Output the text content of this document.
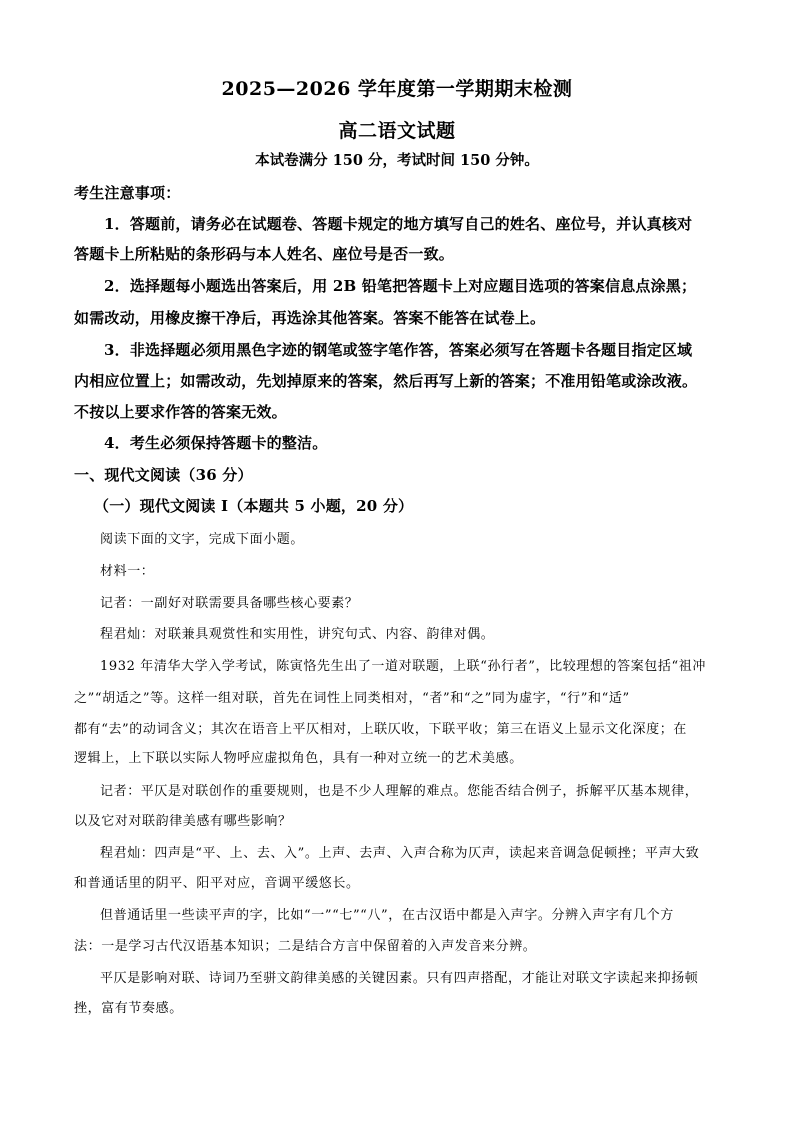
2025—2026 学年度第一学期期末检测
高二语文试题
本试卷满分 150 分，考试时间 150 分钟。
考生注意事项：
1．答题前，请务必在试题卷、答题卡规定的地方填写自己的姓名、座位号，并认真核对
答题卡上所粘贴的条形码与本人姓名、座位号是否一致。
2．选择题每小题选出答案后，用 2B 铅笔把答题卡上对应题目选项的答案信息点涂黑；
如需改动，用橡皮擦干净后，再选涂其他答案。答案不能答在试卷上。
3．非选择题必须用黑色字迹的钢笔或签字笔作答，答案必须写在答题卡各题目指定区域
内相应位置上；如需改动，先划掉原来的答案，然后再写上新的答案；不准用铅笔或涂改液。
不按以上要求作答的答案无效。
4．考生必须保持答题卡的整洁。
一、现代文阅读（36 分）
（一）现代文阅读 I（本题共 5 小题，20 分）
阅读下面的文字，完成下面小题。
材料一：
记者：一副好对联需要具备哪些核心要素？
程君灿：对联兼具观赏性和实用性，讲究句式、内容、韵律对偶。
1932 年清华大学入学考试，陈寅恪先生出了一道对联题，上联“孙行者”，比较理想的答案包括“祖冲
之”“胡适之”等。这样一组对联，首先在词性上同类相对，“者”和“之”同为虚字，“行”和“适”
都有“去”的动词含义；其次在语音上平仄相对，上联仄收，下联平收；第三在语义上显示文化深度；在
逻辑上，上下联以实际人物呼应虚拟角色，具有一种对立统一的艺术美感。
记者：平仄是对联创作的重要规则，也是不少人理解的难点。您能否结合例子，拆解平仄基本规律，
以及它对对联韵律美感有哪些影响？
程君灿：四声是“平、上、去、入”。上声、去声、入声合称为仄声，读起来音调急促顿挫；平声大致
和普通话里的阴平、阳平对应，音调平缓悠长。
但普通话里一些读平声的字，比如“一”“七”“八”，在古汉语中都是入声字。分辨入声字有几个方
法：一是学习古代汉语基本知识；二是结合方言中保留着的入声发音来分辨。
平仄是影响对联、诗词乃至骈文韵律美感的关键因素。只有四声搭配，才能让对联文字读起来抑扬顿
挫，富有节奏感。
